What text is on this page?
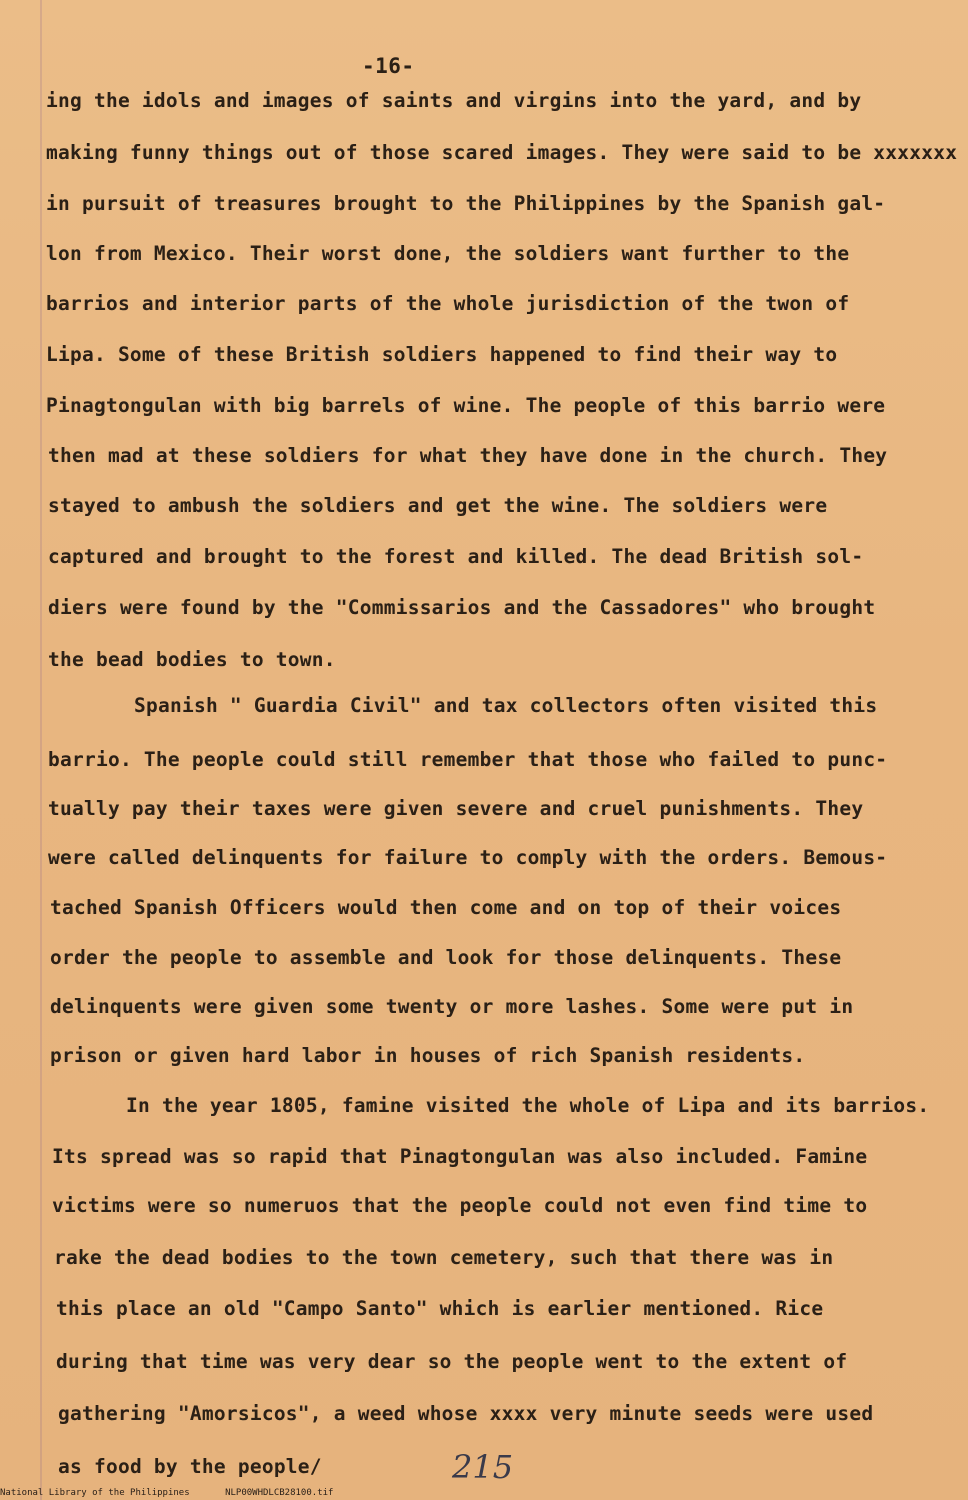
-16-
ing the idols and images of saints and virgins into the yard, and by
making funny things out of those scared images. They were said to be xxxxxxx
in pursuit of treasures brought to the Philippines by the Spanish gal-
lon from Mexico. Their worst done, the soldiers want further to the
barrios and interior parts of the whole jurisdiction of the twon of
Lipa. Some of these British soldiers happened to find their way to
Pinagtongulan with big barrels of wine. The people of this barrio were
then mad at these soldiers for what they have done in the church. They
stayed to ambush the soldiers and get the wine. The soldiers were
captured and brought to the forest and killed. The dead British sol-
diers were found by the "Commissarios and the Cassadores" who brought
the bead bodies to town.
Spanish " Guardia Civil" and tax collectors often visited this
barrio. The people could still remember that those who failed to punc-
tually pay their taxes were given severe and cruel punishments. They
were called delinquents for failure to comply with the orders. Bemous-
tached Spanish Officers would then come and on top of their voices
order the people to assemble and look for those delinquents. These
delinquents were given some twenty or more lashes. Some were put in
prison or given hard labor in houses of rich Spanish residents.
In the year 1805, famine visited the whole of Lipa and its barrios.
Its spread was so rapid that Pinagtongulan was also included. Famine
victims were so numeruos that the people could not even find time to
rake the dead bodies to the town cemetery, such that there was in
this place an old "Campo Santo" which is earlier mentioned. Rice
during that time was very dear so the people went to the extent of
gathering "Amorsicos", a weed whose xxxx very minute seeds were used
as food by the people/	215
National Library of the Philippines	NLP00WHDLCB28100.tif
